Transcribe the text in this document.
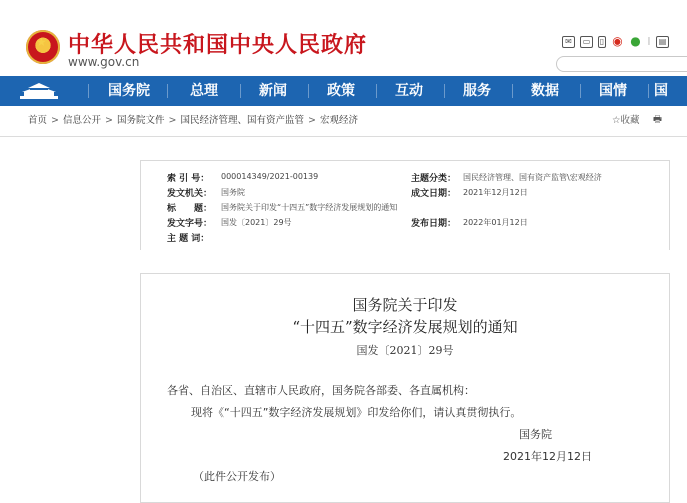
★ 中华人民共和国中央人民政府
www.gov.cn
✉	▭	▯ ◉ ● |	▤
国务院	总理	新闻	政策	互动	服务	数据	国情	国
首页 > 信息公开 > 国务院文件 > 国民经济管理、国有资产监管 > 宏观经济	☆收藏 🖶
索 引 号： 000014349/2021-00139	主题分类： 国民经济管理、国有资产监管\宏观经济
发文机关： 国务院	成文日期： 2021年12月12日
标　　题： 国务院关于印发“十四五”数字经济发展规划的通知
发文字号： 国发〔2021〕29号	发布日期： 2022年01月12日
主 题 词：
国务院关于印发
“十四五”数字经济发展规划的通知
国发〔2021〕29号
各省、自治区、直辖市人民政府，国务院各部委、各直属机构：
现将《“十四五”数字经济发展规划》印发给你们，请认真贯彻执行。
国务院
2021年12月12日
（此件公开发布）
